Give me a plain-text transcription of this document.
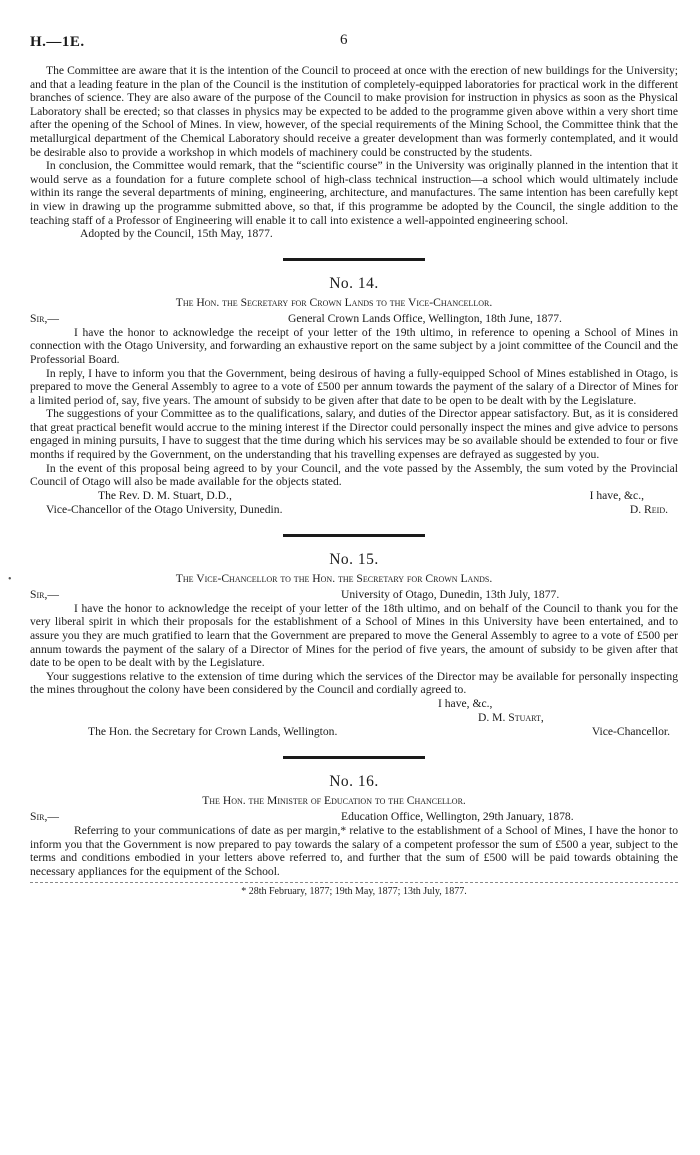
•
H.—1E.	6

The Committee are aware that it is the intention of the Council to proceed at once with the erection of new buildings for the University; and that a leading feature in the plan of the Council is the institution of completely-equipped laboratories for practical work in the different branches of science. They are also aware of the purpose of the Council to make provision for instruction in physics as soon as the Physical Laboratory shall be erected; so that classes in physics may be expected to be added to the programme given above within a very short time after the opening of the School of Mines. In view, however, of the special requirements of the Mining School, the Committee think that the metallurgical department of the Chemical Laboratory should receive a greater development than was formerly contemplated, and it would be desirable also to provide a workshop in which models of machinery could be constructed by the students.

In conclusion, the Committee would remark, that the “scientific course” in the University was originally planned in the intention that it would serve as a foundation for a future complete school of high-class technical instruction—a school which would ultimately include within its range the several departments of mining, engineering, architecture, and manufactures. The same intention has been carefully kept in view in drawing up the programme submitted above, so that, if this programme be adopted by the Council, the single addition to the teaching staff of a Professor of Engineering will enable it to call into existence a well-appointed engineering school.

Adopted by the Council, 15th May, 1877.

No. 14.
The Hon. the Secretary for Crown Lands to the Vice-Chancellor.
Sir,—	General Crown Lands Office, Wellington, 18th June, 1877.

I have the honor to acknowledge the receipt of your letter of the 19th ultimo, in reference to opening a School of Mines in connection with the Otago University, and forwarding an exhaustive report on the same subject by a joint committee of the Council and the Professorial Board.

In reply, I have to inform you that the Government, being desirous of having a fully-equipped School of Mines established in Otago, is prepared to move the General Assembly to agree to a vote of £500 per annum towards the payment of the salary of a Director of Mines for a limited period of, say, five years. The amount of subsidy to be given after that date to be open to be dealt with by the Legislature.

The suggestions of your Committee as to the qualifications, salary, and duties of the Director appear satisfactory. But, as it is considered that great practical benefit would accrue to the mining interest if the Director could personally inspect the mines and give advice to persons engaged in mining pursuits, I have to suggest that the time during which his services may be so available should be extended to four or five months if required by the Government, on the understanding that his travelling expenses are defrayed as suggested by you.

In the event of this proposal being agreed to by your Council, and the vote passed by the Assembly, the sum voted by the Provincial Council of Otago will also be made available for the objects stated.

The Rev. D. M. Stuart, D.D.,	I have, &c.,
Vice-Chancellor of the Otago University, Dunedin.	D. Reid.
No. 15.
The Vice-Chancellor to the Hon. the Secretary for Crown Lands.
Sir,—	University of Otago, Dunedin, 13th July, 1877.

I have the honor to acknowledge the receipt of your letter of the 18th ultimo, and on behalf of the Council to thank you for the very liberal spirit in which their proposals for the establishment of a School of Mines in this University have been entertained, and to assure you they are much gratified to learn that the Government are prepared to move the General Assembly to agree to a vote of £500 per annum towards the payment of the salary of a Director of Mines for the period of five years, the amount of subsidy to be given after that date to be open to be dealt with by the Legislature.

Your suggestions relative to the extension of time during which the services of the Director may be available for personally inspecting the mines throughout the colony have been considered by the Council and cordially agreed to.

I have, &c.,
D. M. Stuart,
The Hon. the Secretary for Crown Lands, Wellington.	Vice-Chancellor.
No. 16.
The Hon. the Minister of Education to the Chancellor.
Sir,—	Education Office, Wellington, 29th January, 1878.

Referring to your communications of date as per margin,* relative to the establishment of a School of Mines, I have the honor to inform you that the Government is now prepared to pay towards the salary of a competent professor the sum of £500 a year, subject to the terms and conditions embodied in your letters above referred to, and further that the sum of £500 will be paid towards obtaining the necessary appliances for the equipment of the School.

* 28th February, 1877; 19th May, 1877; 13th July, 1877.
